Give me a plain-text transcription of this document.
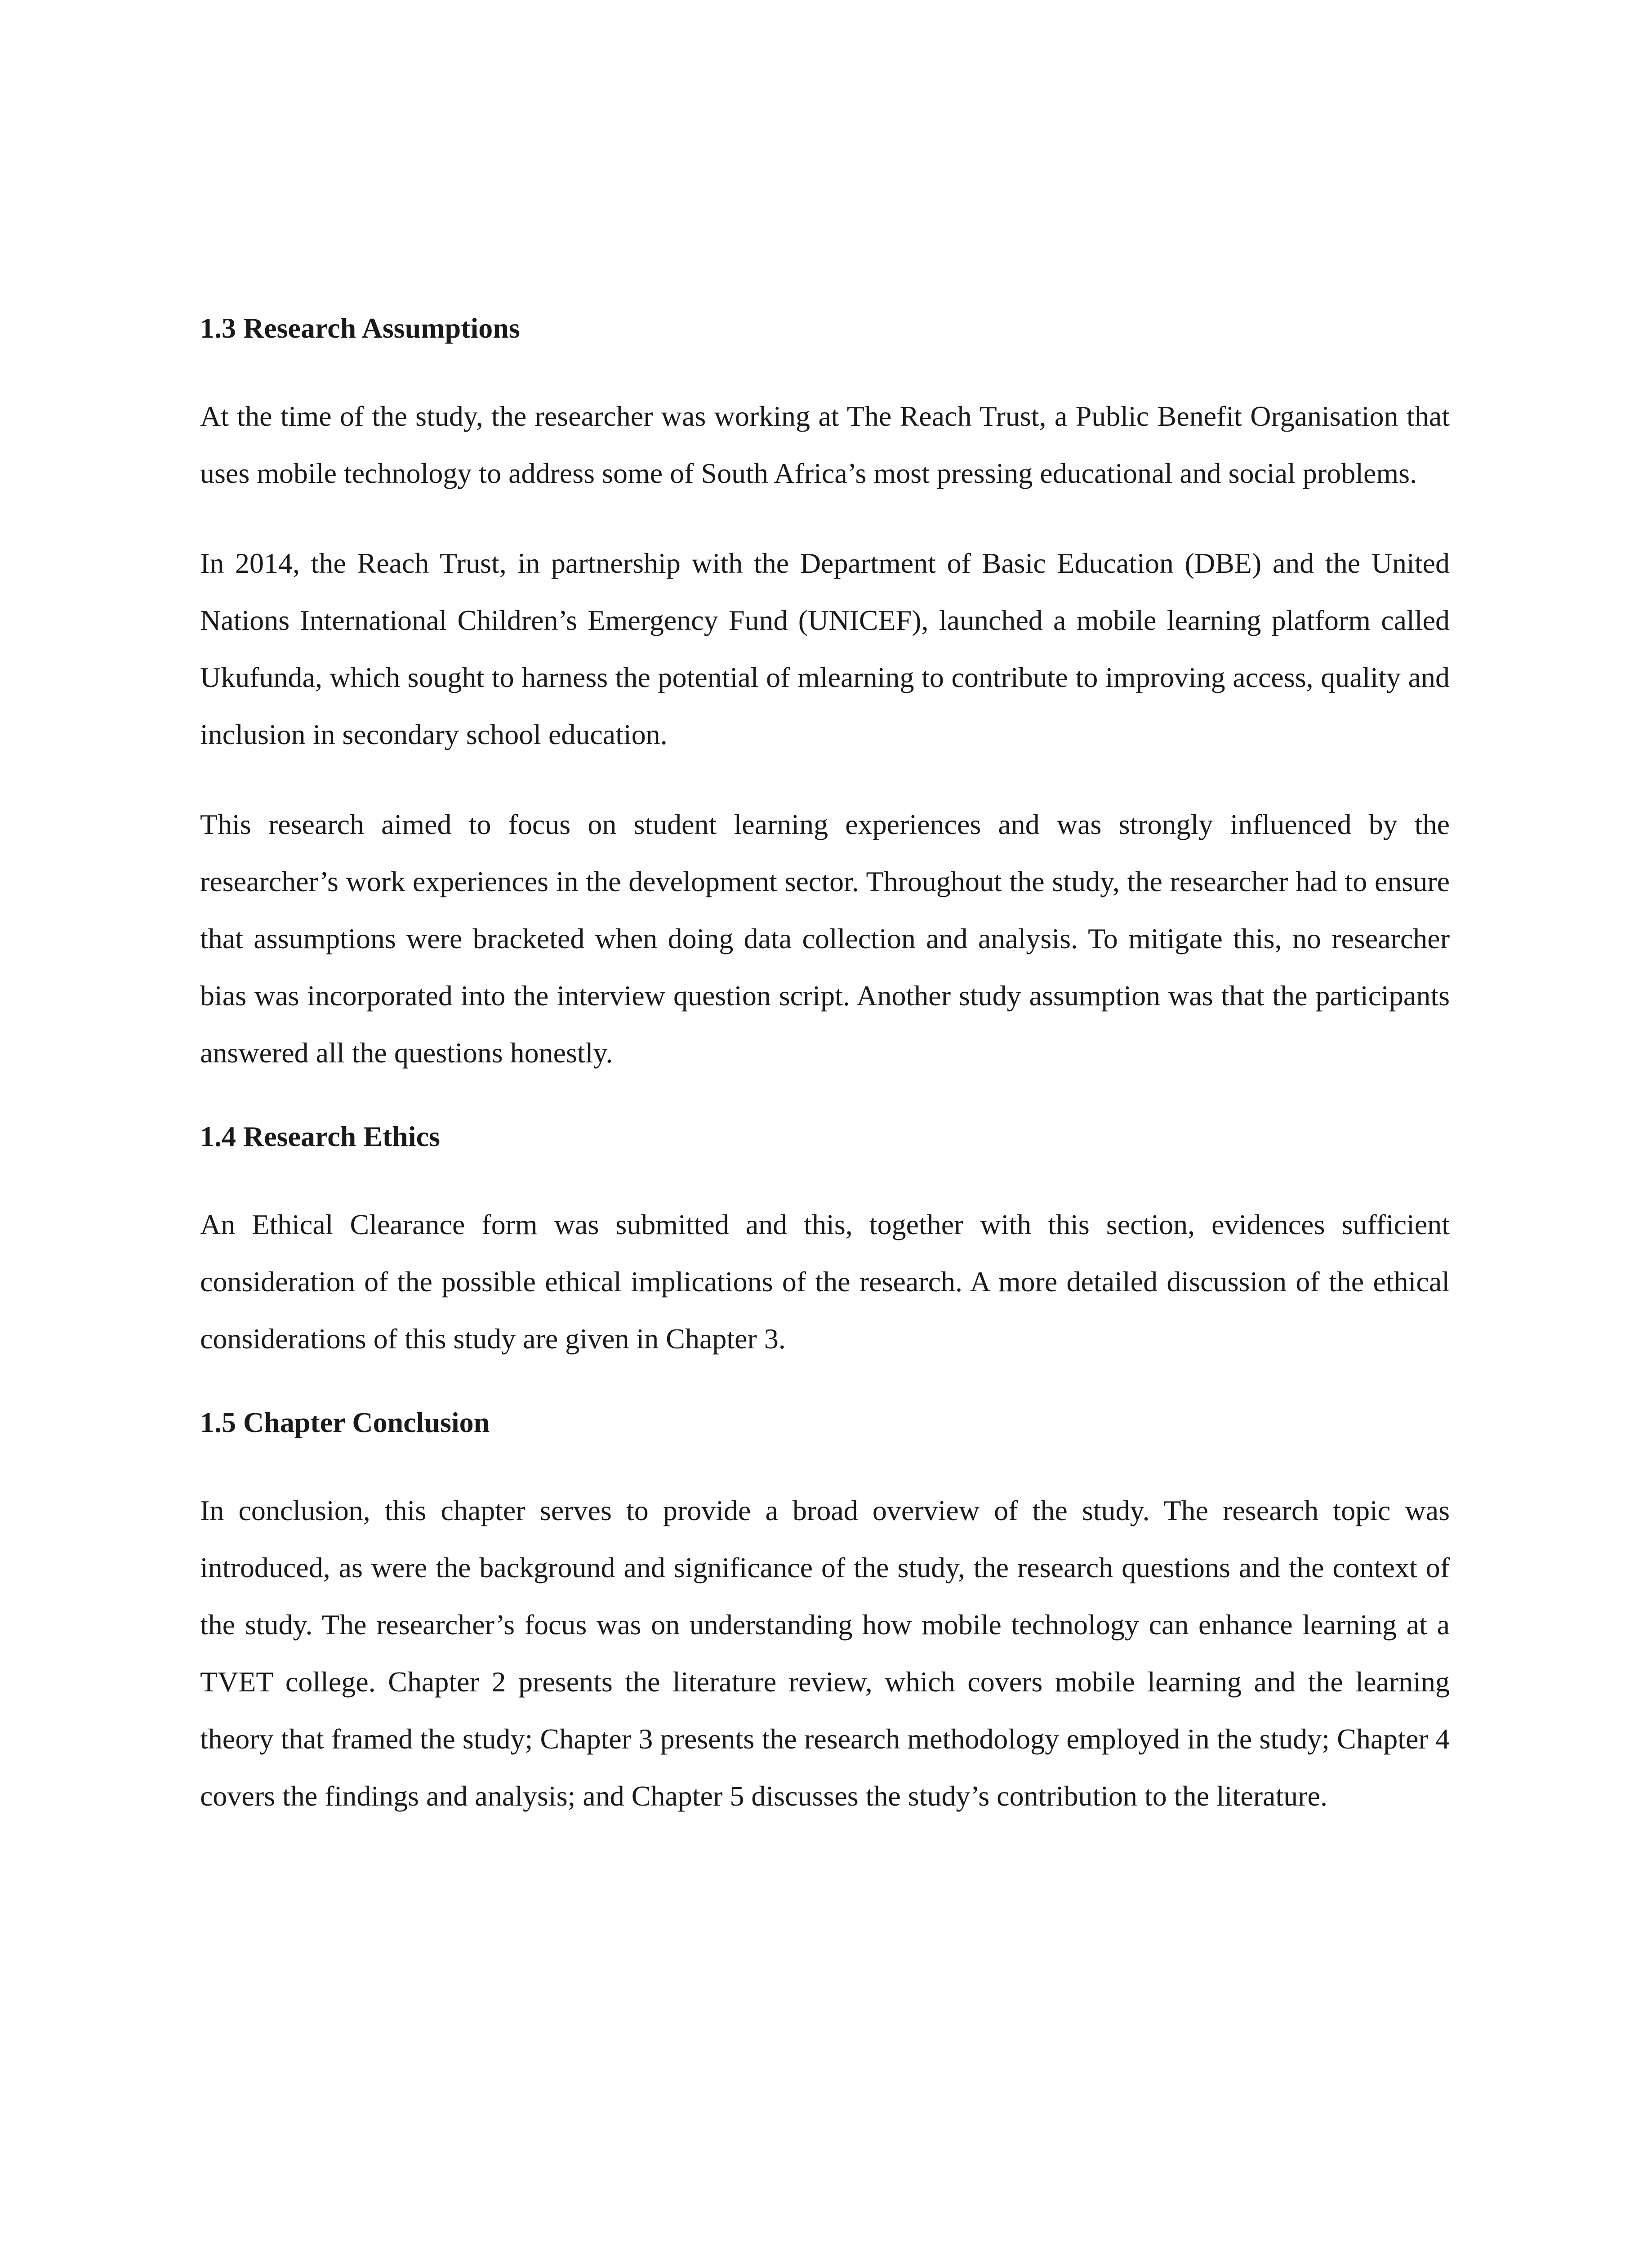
1.3 Research Assumptions

At the time of the study, the researcher was working at The Reach Trust, a Public Benefit Organisation that uses mobile technology to address some of South Africa’s most pressing educational and social problems.

In 2014, the Reach Trust, in partnership with the Department of Basic Education (DBE) and the United Nations International Children’s Emergency Fund (UNICEF), launched a mobile learning platform called Ukufunda, which sought to harness the potential of mlearning to contribute to improving access, quality and inclusion in secondary school education.

This research aimed to focus on student learning experiences and was strongly influenced by the researcher’s work experiences in the development sector. Throughout the study, the researcher had to ensure that assumptions were bracketed when doing data collection and analysis. To mitigate this, no researcher bias was incorporated into the interview question script. Another study assumption was that the participants answered all the questions honestly.

1.4 Research Ethics

An Ethical Clearance form was submitted and this, together with this section, evidences sufficient consideration of the possible ethical implications of the research. A more detailed discussion of the ethical considerations of this study are given in Chapter 3.

1.5 Chapter Conclusion

In conclusion, this chapter serves to provide a broad overview of the study. The research topic was introduced, as were the background and significance of the study, the research questions and the context of the study. The researcher’s focus was on understanding how mobile technology can enhance learning at a TVET college. Chapter 2 presents the literature review, which covers mobile learning and the learning theory that framed the study; Chapter 3 presents the research methodology employed in the study; Chapter 4 covers the findings and analysis; and Chapter 5 discusses the study’s contribution to the literature.
